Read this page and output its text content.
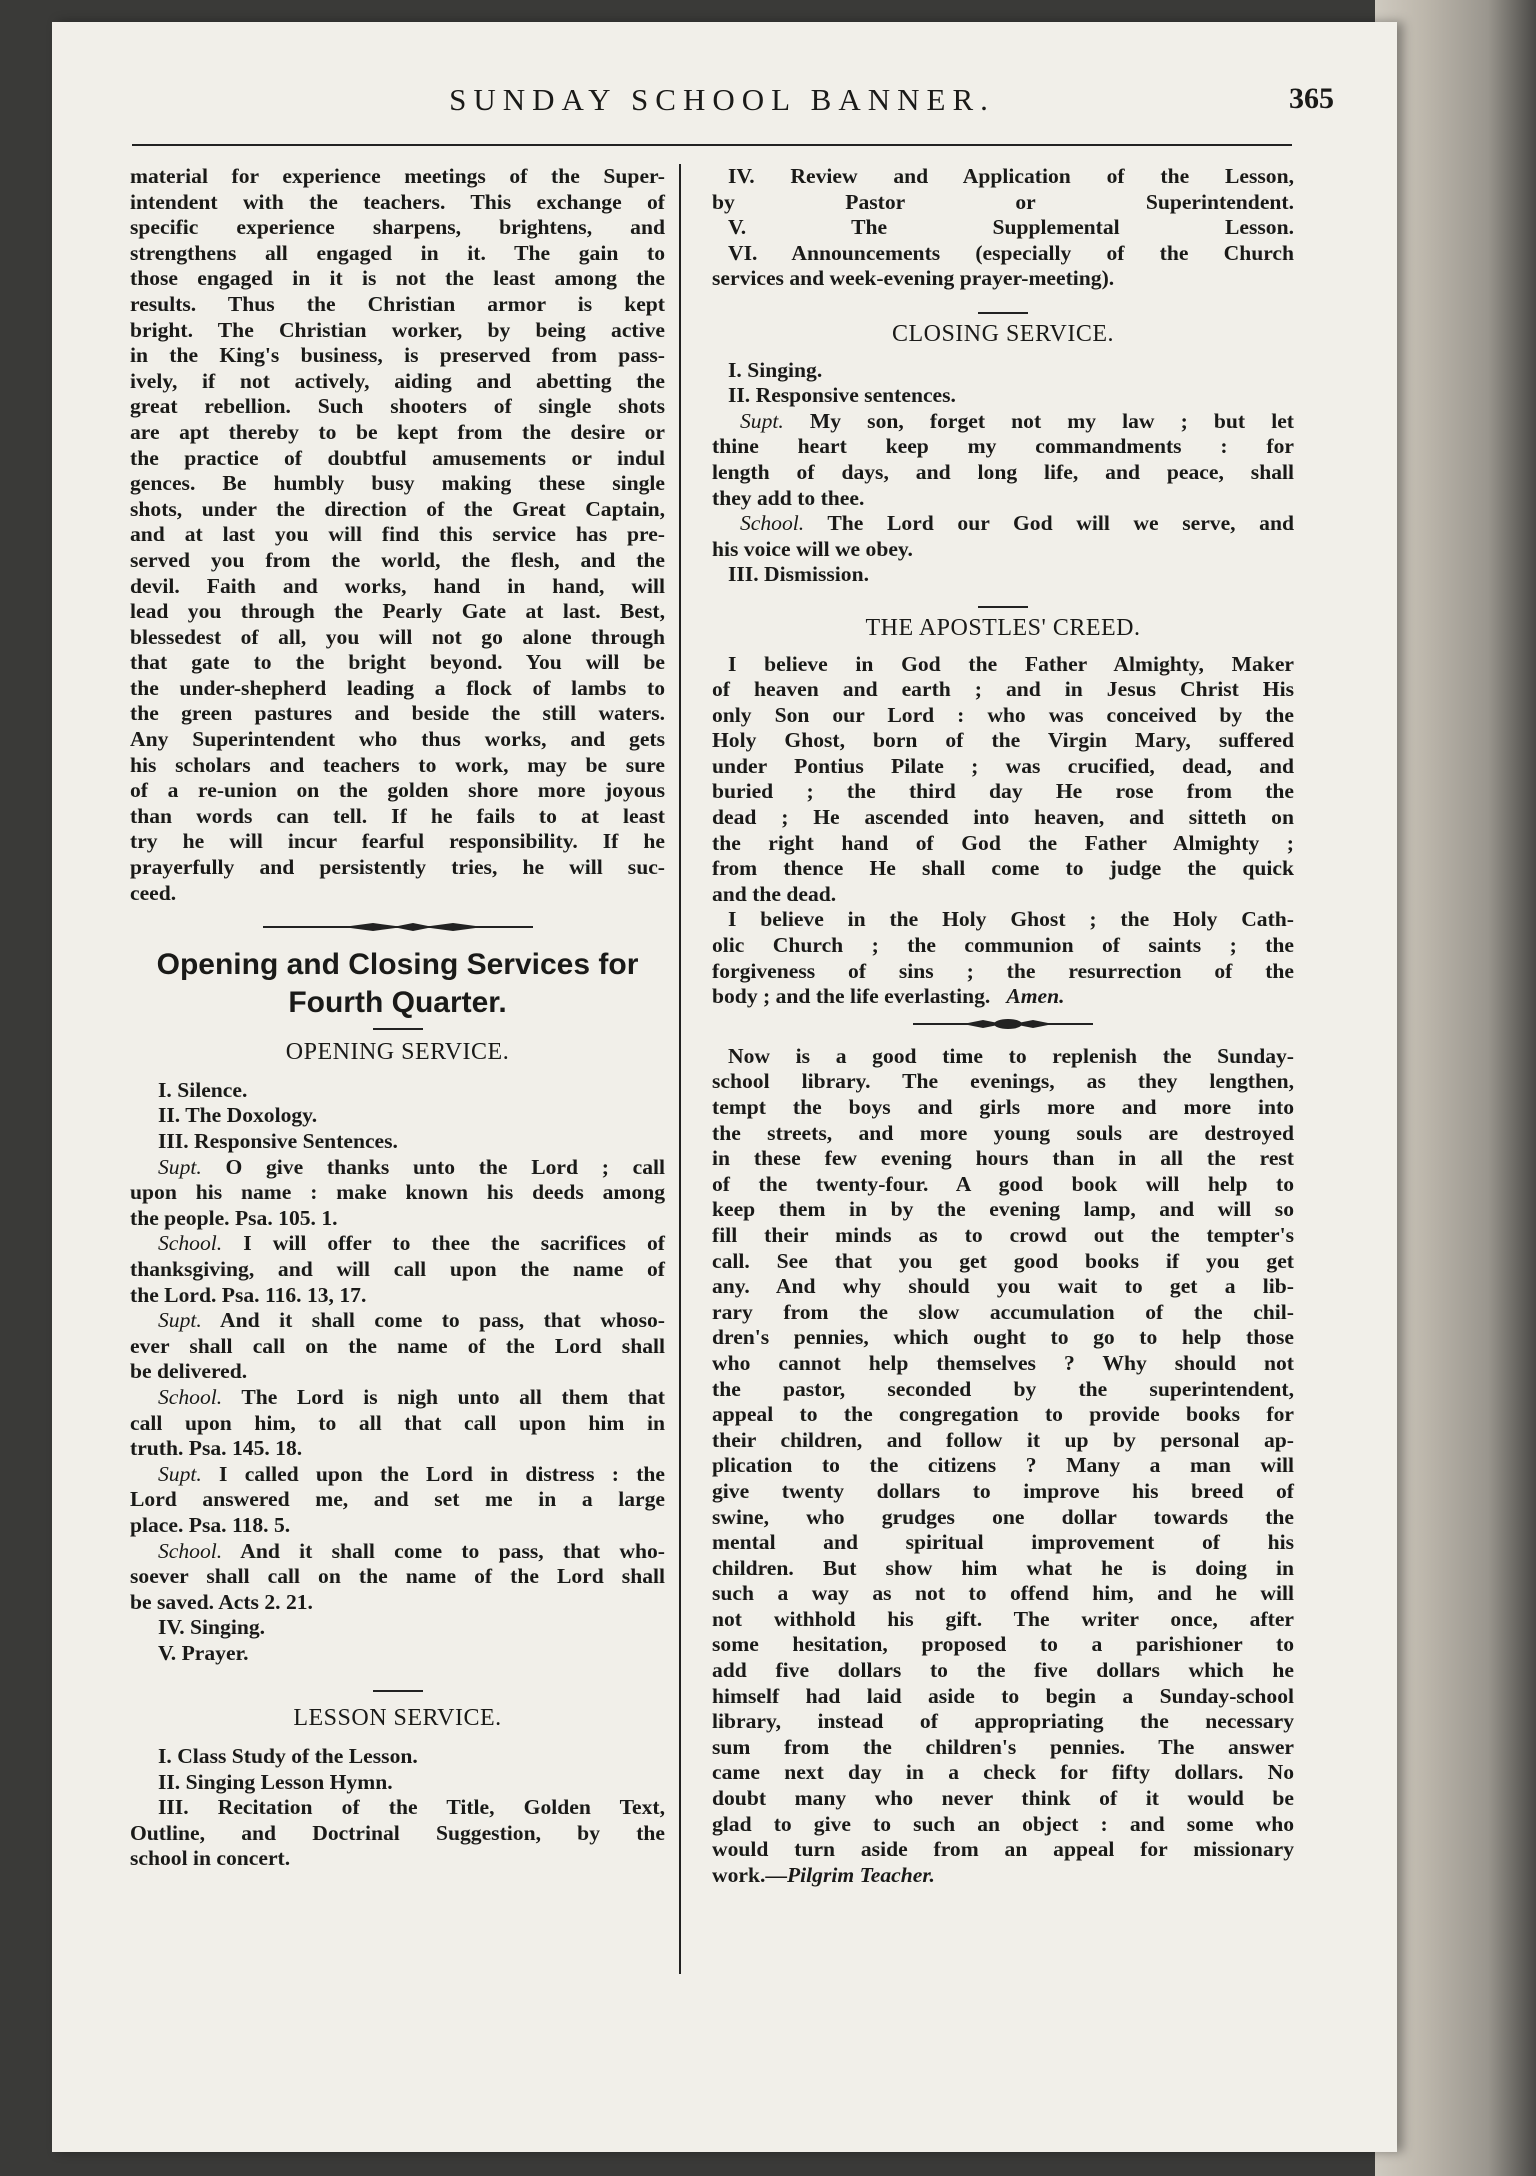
SUNDAY SCHOOL BANNER.	365
material for experience meetings of the Super-
intendent with the teachers. This exchange of
specific experience sharpens, brightens, and
strengthens all engaged in it. The gain to
those engaged in it is not the least among the
results. Thus the Christian armor is kept
bright. The Christian worker, by being active
in the King's business, is preserved from pass-
ively, if not actively, aiding and abetting the
great rebellion. Such shooters of single shots
are apt thereby to be kept from the desire or
the practice of doubtful amusements or indul
gences. Be humbly busy making these single
shots, under the direction of the Great Captain,
and at last you will find this service has pre-
served you from the world, the flesh, and the
devil. Faith and works, hand in hand, will
lead you through the Pearly Gate at last. Best,
blessedest of all, you will not go alone through
that gate to the bright beyond. You will be
the under-shepherd leading a flock of lambs to
the green pastures and beside the still waters.
Any Superintendent who thus works, and gets
his scholars and teachers to work, may be sure
of a re-union on the golden shore more joyous
than words can tell. If he fails to at least
try he will incur fearful responsibility. If he
prayerfully and persistently tries, he will suc-
ceed.

Opening and Closing Services for

Fourth Quarter.

OPENING SERVICE.

I. Silence.
II. The Doxology.
III. Responsive Sentences.
Supt. O give thanks unto the Lord ; call
upon his name : make known his deeds among
the people. Psa. 105. 1.
School. I will offer to thee the sacrifices of
thanksgiving, and will call upon the name of
the Lord. Psa. 116. 13, 17.
Supt. And it shall come to pass, that whoso-
ever shall call on the name of the Lord shall
be delivered.
School. The Lord is nigh unto all them that
call upon him, to all that call upon him in
truth. Psa. 145. 18.
Supt. I called upon the Lord in distress : the
Lord answered me, and set me in a large
place. Psa. 118. 5.
School. And it shall come to pass, that who-
soever shall call on the name of the Lord shall
be saved. Acts 2. 21.
IV. Singing.
V. Prayer.

LESSON SERVICE.

I. Class Study of the Lesson.
II. Singing Lesson Hymn.
III. Recitation of the Title, Golden Text,
Outline, and Doctrinal Suggestion, by the
school in concert.
IV. Review and Application of the Lesson,
by Pastor or Superintendent.
V. The Supplemental Lesson.
VI. Announcements (especially of the Church
services and week-evening prayer-meeting).

CLOSING SERVICE.

I. Singing.
II. Responsive sentences.
Supt. My son, forget not my law ; but let
thine heart keep my commandments : for
length of days, and long life, and peace, shall
they add to thee.
School. The Lord our God will we serve, and
his voice will we obey.

III. Dismission.

THE APOSTLES' CREED.

I believe in God the Father Almighty, Maker
of heaven and earth ; and in Jesus Christ His
only Son our Lord : who was conceived by the
Holy Ghost, born of the Virgin Mary, suffered
under Pontius Pilate ; was crucified, dead, and
buried ; the third day He rose from the
dead ; He ascended into heaven, and sitteth on
the right hand of God the Father Almighty ;
from thence He shall come to judge the quick
and the dead.
I believe in the Holy Ghost ; the Holy Cath-
olic Church ; the communion of saints ; the
forgiveness of sins ; the resurrection of the
body ; and the life everlasting. Amen.
Now is a good time to replenish the Sunday-
school library. The evenings, as they lengthen,
tempt the boys and girls more and more into
the streets, and more young souls are destroyed
in these few evening hours than in all the rest
of the twenty-four. A good book will help to
keep them in by the evening lamp, and will so
fill their minds as to crowd out the tempter's
call. See that you get good books if you get
any. And why should you wait to get a lib-
rary from the slow accumulation of the chil-
dren's pennies, which ought to go to help those
who cannot help themselves ? Why should not
the pastor, seconded by the superintendent,
appeal to the congregation to provide books for
their children, and follow it up by personal ap-
plication to the citizens ? Many a man will
give twenty dollars to improve his breed of
swine, who grudges one dollar towards the
mental and spiritual improvement of his
children. But show him what he is doing in
such a way as not to offend him, and he will
not withhold his gift. The writer once, after
some hesitation, proposed to a parishioner to
add five dollars to the five dollars which he
himself had laid aside to begin a Sunday-school
library, instead of appropriating the necessary
sum from the children's pennies. The answer
came next day in a check for fifty dollars. No
doubt many who never think of it would be
glad to give to such an object : and some who
would turn aside from an appeal for missionary
work.—Pilgrim Teacher.
